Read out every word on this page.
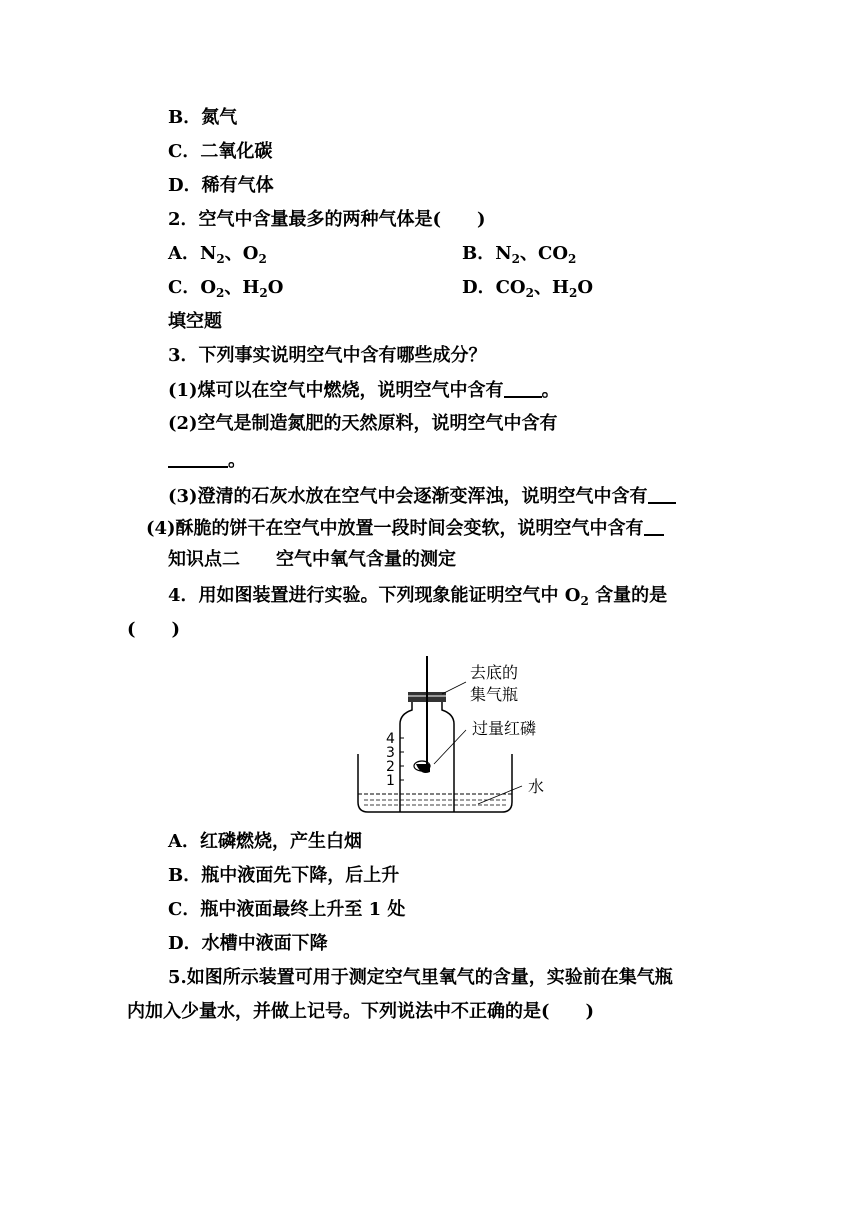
B．氮气
C．二氧化碳
D．稀有气体
2．空气中含量最多的两种气体是(　　)
A．$N_2$、$O_2$	B．$N_2$、$CO_2$
C．$O_2$、$H_2O$	D．$CO_2$、$H_2O$
填空题
3．下列事实说明空气中含有哪些成分？
(1)煤可以在空气中燃烧，说明空气中含有 。
(2)空气是制造氮肥的天然原料，说明空气中含有
。
(3)澄清的石灰水放在空气中会逐渐变浑浊，说明空气中含有
(4)酥脆的饼干在空气中放置一段时间会变软，说明空气中含有
知识点二　　空气中氧气含量的测定
4．用如图装置进行实验。下列现象能证明空气中 $O_2$ 含量的是
(　　)
4
3
2
1
去底的
集气瓶
过量红磷
水
A．红磷燃烧，产生白烟
B．瓶中液面先下降，后上升
C．瓶中液面最终上升至 1 处
D．水槽中液面下降
5.如图所示装置可用于测定空气里氧气的含量，实验前在集气瓶
内加入少量水，并做上记号。下列说法中不正确的是(　　)
